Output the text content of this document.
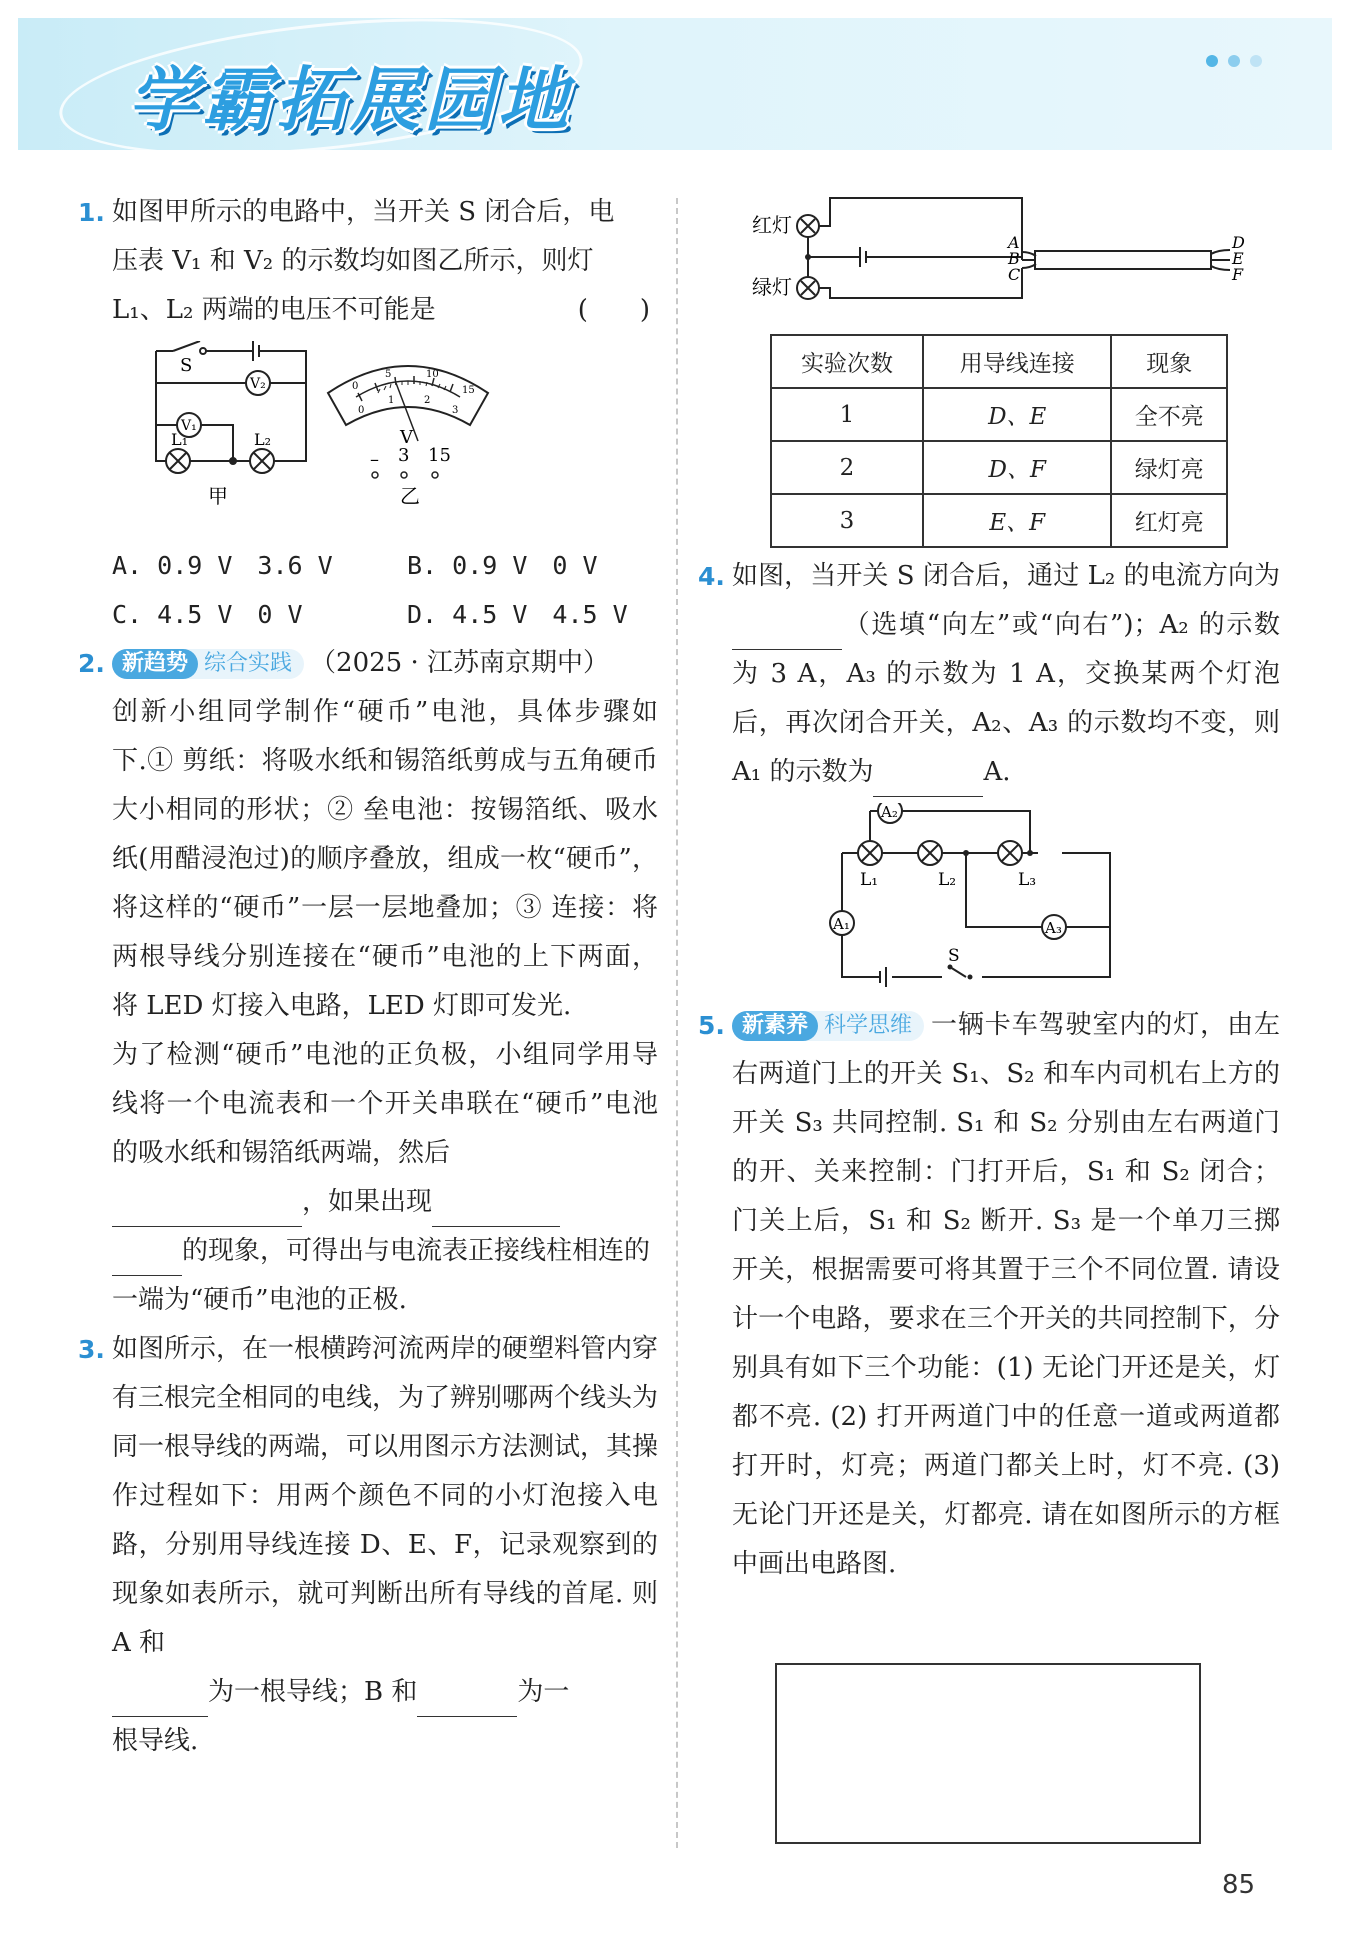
学霸拓展园地
1. 如图甲所示的电路中，当开关 S 闭合后，电
压表 V₁ 和 V₂ 的示数均如图乙所示，则灯
L₁、L₂ 两端的电压不可能是	(　　)
S
V₂
V₁
L₁	L₂
甲
0
5	10
15
0
1	2
3
V
– 3 15
乙
A. 0.9 V　3.6 V	B. 0.9 V　0 V
C. 4.5 V　0 V	D. 4.5 V　4.5 V
2. 新趋势 综合实践 （2025 · 江苏南京期中）
创新小组同学制作“硬币”电池，具体步骤如下.① 剪纸：将吸水纸和锡箔纸剪成与五角硬币大小相同的形状；② 垒电池：按锡箔纸、吸水纸(用醋浸泡过)的顺序叠放，组成一枚“硬币”，将这样的“硬币”一层一层地叠加；③ 连接：将两根导线分别连接在“硬币”电池的上下两面，将 LED 灯接入电路，LED 灯即可发光.
为了检测“硬币”电池的正负极，小组同学用导线将一个电流表和一个开关串联在“硬币”电池的吸水纸和锡箔纸两端，然后
，如果出现
的现象，可得出与电流表正接线柱相连的一端为“硬币”电池的正极.
3. 如图所示，在一根横跨河流两岸的硬塑料管内穿有三根完全相同的电线，为了辨别哪两个线头为同一根导线的两端，可以用图示方法测试，其操作过程如下：用两个颜色不同的小灯泡接入电路，分别用导线连接 D、E、F，记录观察到的现象如表所示，就可判断出所有导线的首尾. 则 A 和
为一根导线；B 和	为一
根导线.
红灯
绿灯
A
B
C
D
E
F
实验次数	用导线连接	现象
1	D、E	全不亮
2	D、F	绿灯亮
3	E、F	红灯亮
4. 如图，当开关 S 闭合后，通过 L₂ 的电流方向为（选填“向左”或“向右”)；A₂ 的示数为 3 A，A₃ 的示数为 1 A，交换某两个灯泡后，再次闭合开关，A₂、A₃ 的示数均不变，则 A₁ 的示数为	A.
A₂
A₁	A₃
L₁	L₂	L₃
S
5. 新素养 科学思维 一辆卡车驾驶室内的灯，由左右两道门上的开关 S₁、S₂ 和车内司机右上方的开关 S₃ 共同控制. S₁ 和 S₂ 分别由左右两道门的开、关来控制：门打开后，S₁ 和 S₂ 闭合；门关上后，S₁ 和 S₂ 断开. S₃ 是一个单刀三掷开关，根据需要可将其置于三个不同位置. 请设计一个电路，要求在三个开关的共同控制下，分别具有如下三个功能：(1) 无论门开还是关，灯都不亮. (2) 打开两道门中的任意一道或两道都打开时，灯亮；两道门都关上时，灯不亮. (3) 无论门开还是关，灯都亮. 请在如图所示的方框中画出电路图.
85
